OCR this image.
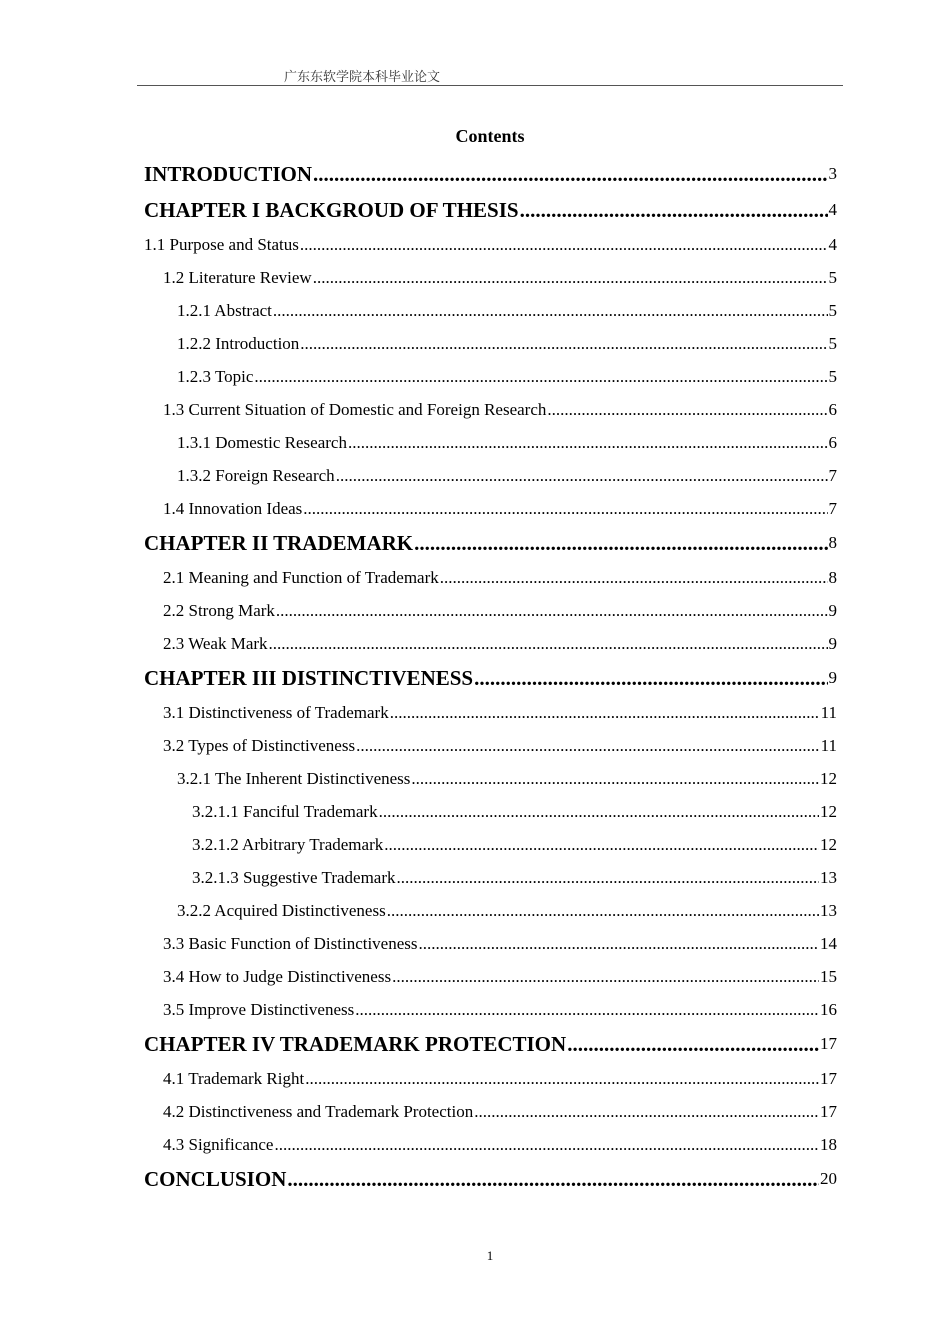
广东东软学院本科毕业论文
Contents
INTRODUCTION .....	3
CHAPTER I BACKGROUD OF THESIS .....	4
1.1 Purpose and Status .....	4
1.2 Literature Review .....	5
1.2.1 Abstract .....	5
1.2.2 Introduction .....	5
1.2.3 Topic .....	5
1.3 Current Situation of Domestic and Foreign Research .....	6
1.3.1 Domestic Research .....	6
1.3.2 Foreign Research .....	7
1.4 Innovation Ideas .....	7
CHAPTER II TRADEMARK .....	8
2.1 Meaning and Function of Trademark .....	8
2.2 Strong Mark .....	9
2.3 Weak Mark .....	9
CHAPTER III DISTINCTIVENESS .....	9
3.1 Distinctiveness of Trademark .....	11
3.2 Types of Distinctiveness .....	11
3.2.1 The Inherent Distinctiveness .....	12
3.2.1.1 Fanciful Trademark .....	12
3.2.1.2 Arbitrary Trademark .....	12
3.2.1.3 Suggestive Trademark .....	13
3.2.2 Acquired Distinctiveness .....	13
3.3 Basic Function of Distinctiveness .....	14
3.4 How to Judge Distinctiveness .....	15
3.5 Improve Distinctiveness .....	16
CHAPTER IV TRADEMARK PROTECTION .....	17
4.1 Trademark Right .....	17
4.2 Distinctiveness and Trademark Protection .....	17
4.3 Significance .....	18
CONCLUSION .....	20
1
